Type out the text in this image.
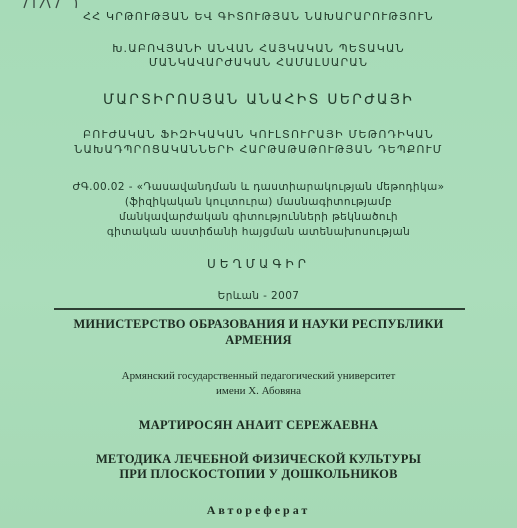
ՀՀ ԿՐԹՈՒԹՅԱՆ ԵՎ ԳԻՏՈՒԹՅԱՆ ՆԱԽԱՐԱՐՈՒԹՅՈՒՆ
Խ.ԱԲՈՎՅԱՆԻ ԱՆՎԱՆ ՀԱՅԿԱԿԱՆ ՊԵՏԱԿԱՆ
ՄԱՆԿԱՎԱՐԺԱԿԱՆ ՀԱՄԱԼՍԱՐԱՆ
ՄԱՐՏԻՐՈՍՅԱՆ ԱՆԱՀԻՏ ՍԵՐԺԱՅԻ
ԲՈՒԺԱԿԱՆ ՖԻԶԻԿԱԿԱՆ ԿՈՒԼՏՈՒՐԱՅԻ ՄԵԹՈԴԻԿԱՆ
ՆԱԽԱԴՊՐՈՑԱԿԱՆՆԵՐԻ ՀԱՐԹԱԹԱԹՈՒԹՅԱՆ ԴԵՊՔՈՒՄ
ԺԳ.00.02 - «Դասավանդման և դաստիարակության մեթոդիկա»
(ֆիզիկական կուլտուրա) մասնագիտությամբ
մանկավարժական գիտությունների թեկնածուի
գիտական աստիճանի հայցման ատենախոսության
ՍԵՂՄԱԳԻՐ
Երևան - 2007
МИНИСТЕРСТВО ОБРАЗОВАНИЯ И НАУКИ РЕСПУБЛИКИ
АРМЕНИЯ
Армянский государственный педагогический университет
имени Х. Абовяна
МАРТИРОСЯН АНАИТ СЕРЕЖАЕВНА
МЕТОДИКА ЛЕЧЕБНОЙ ФИЗИЧЕСКОЙ КУЛЬТУРЫ
ПРИ ПЛОСКОСТОПИИ У ДОШКОЛЬНИКОВ
Автореферат
